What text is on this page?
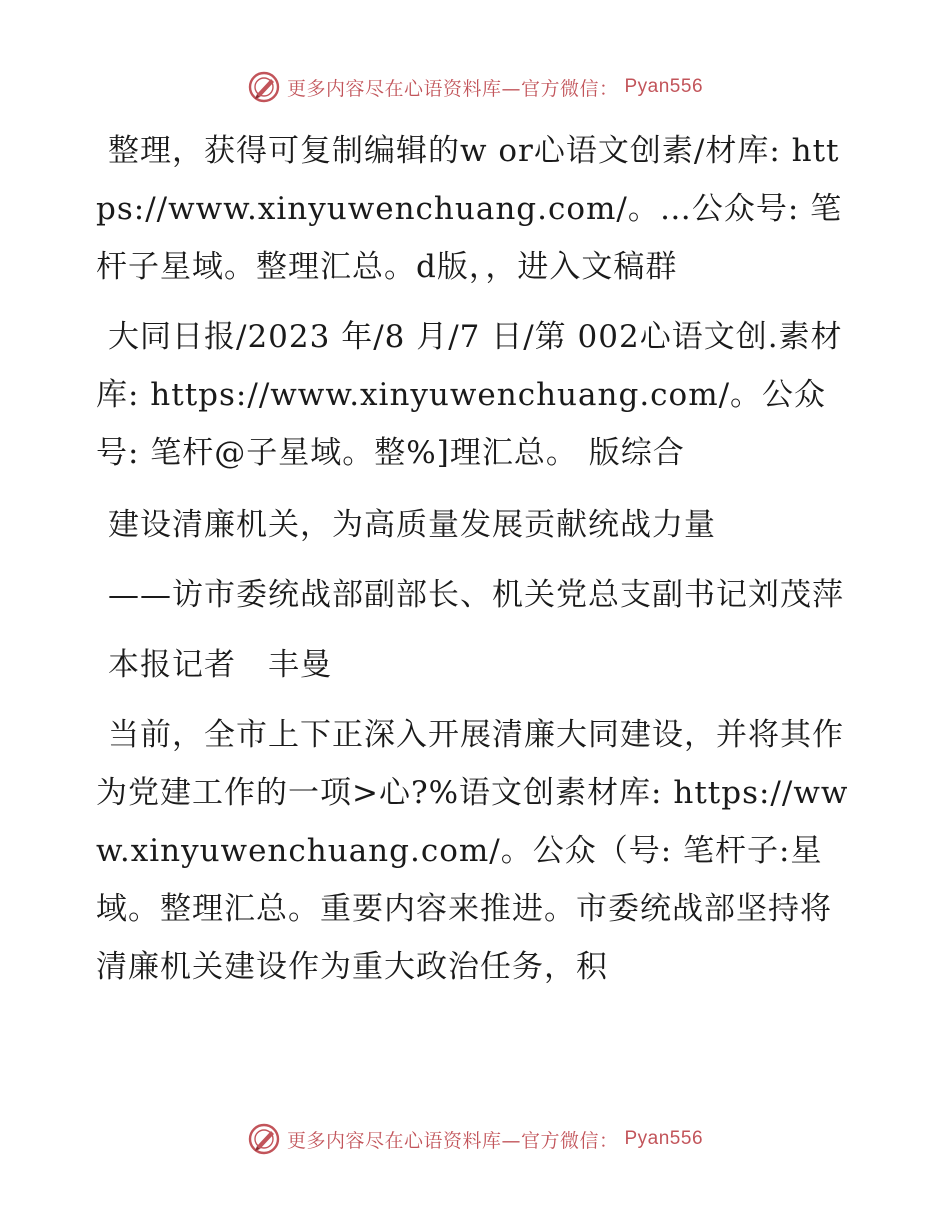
更多内容尽在心语资料库—官方微信： Pyan556

整理，获得可复制编辑的w or心语文创素/材库: https://www.xinyuwenchuang.com/。…公众号: 笔杆子星域。整理汇总。d版，，进入文稿群

大同日报/2023 年/8 月/7 日/第 002心语文创.素材库: https://www.xinyuwenchuang.com/。公众号: 笔杆@子星域。整%]理汇总。 版综合

建设清廉机关，为高质量发展贡献统战力量

——访市委统战部副部长、机关党总支副书记刘茂萍

本报记者　丰曼

当前，全市上下正深入开展清廉大同建设，并将其作为党建工作的一项>心?%语文创素材库: https://www.xinyuwenchuang.com/。公众（号: 笔杆子:星域。整理汇总。重要内容来推进。市委统战部坚持将清廉机关建设作为重大政治任务，积

更多内容尽在心语资料库—官方微信： Pyan556
